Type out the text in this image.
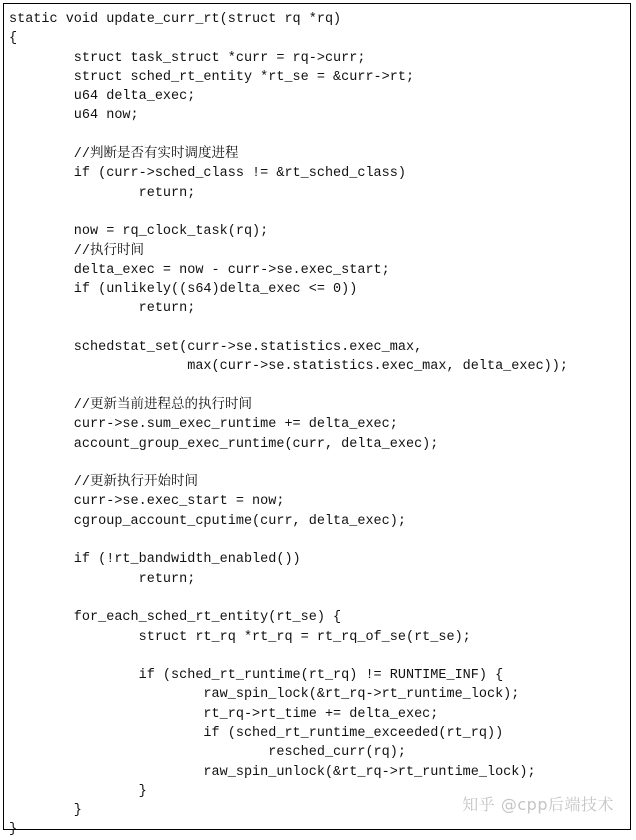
static void update_curr_rt(struct rq *rq)
{
struct task_struct *curr = rq->curr;
struct sched_rt_entity *rt_se = &curr->rt;
u64 delta_exec;
u64 now;
//判断是否有实时调度进程
if (curr->sched_class != &rt_sched_class)
return;
now = rq_clock_task(rq);
//执行时间
delta_exec = now - curr->se.exec_start;
if (unlikely((s64)delta_exec <= 0))
return;
schedstat_set(curr->se.statistics.exec_max,
max(curr->se.statistics.exec_max, delta_exec));
//更新当前进程总的执行时间
curr->se.sum_exec_runtime += delta_exec;
account_group_exec_runtime(curr, delta_exec);
//更新执行开始时间
curr->se.exec_start = now;
cgroup_account_cputime(curr, delta_exec);
if (!rt_bandwidth_enabled())
return;
for_each_sched_rt_entity(rt_se) {
struct rt_rq *rt_rq = rt_rq_of_se(rt_se);
if (sched_rt_runtime(rt_rq) != RUNTIME_INF) {
raw_spin_lock(&rt_rq->rt_runtime_lock);
rt_rq->rt_time += delta_exec;
if (sched_rt_runtime_exceeded(rt_rq))
resched_curr(rq);
raw_spin_unlock(&rt_rq->rt_runtime_lock);
}
}
}
知乎 @cpp后端技术
